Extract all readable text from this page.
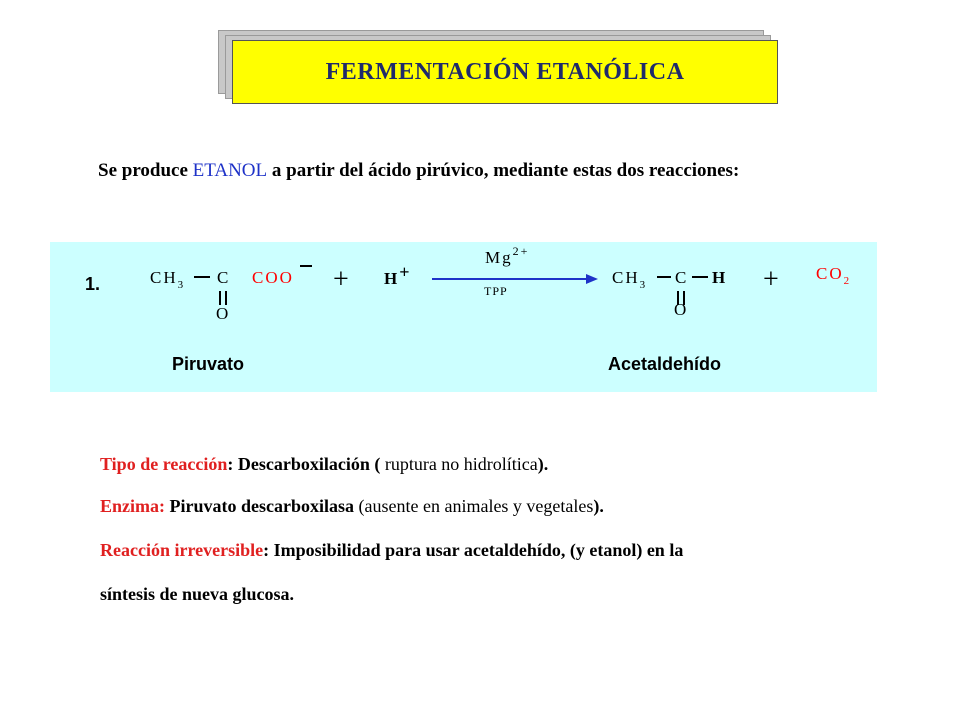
FERMENTACIÓN ETANÓLICA
Se produce ETANOL a partir del ácido pirúvico, mediante estas dos reacciones:
1.	$CH_3$ C COO
O
+ H+
$Mg^{2+}$
TPP
$CH_3$ C H
O
+ $CO_2$
Piruvato	Acetaldehído
Tipo de reacción: Descarboxilación ( ruptura no hidrolítica).
Enzima: Piruvato descarboxilasa (ausente en animales y vegetales).
Reacción irreversible: Imposibilidad para usar acetaldehído, (y etanol) en la
síntesis de nueva glucosa.
